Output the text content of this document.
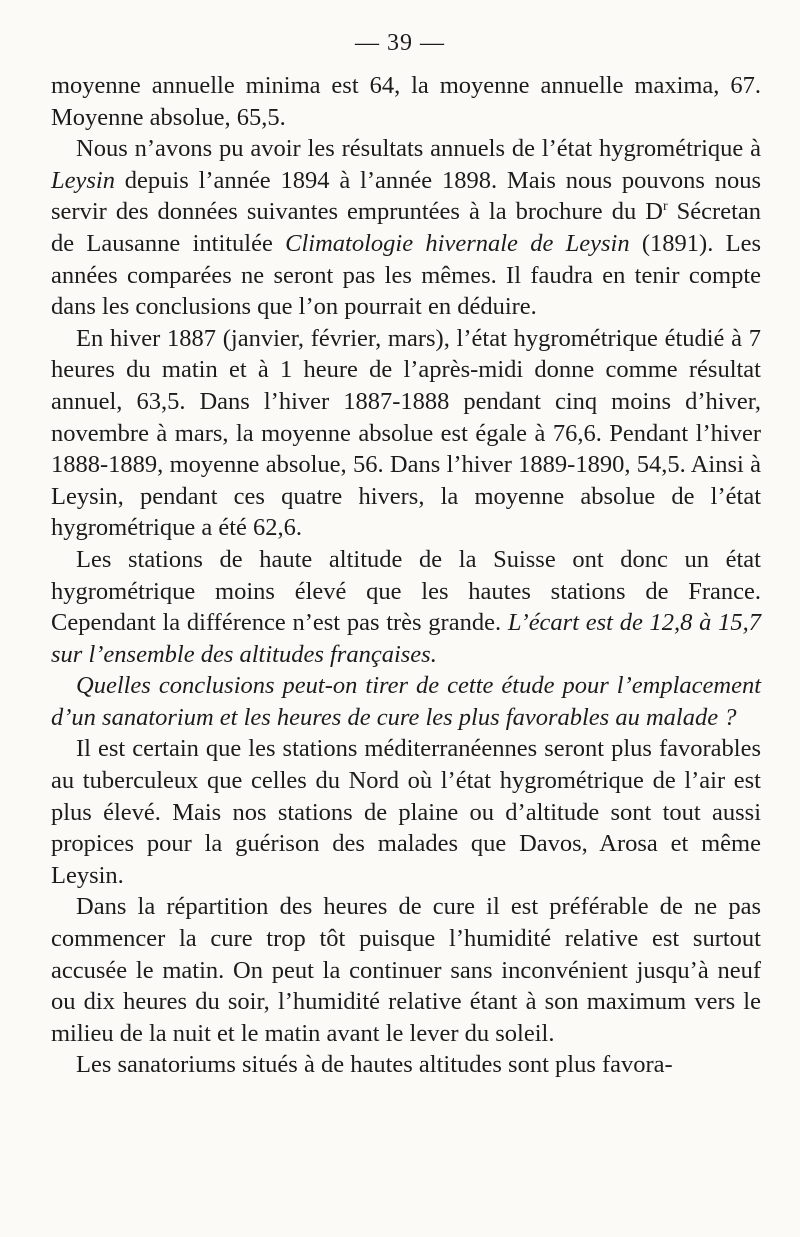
— 39 —

moyenne annuelle minima est 64, la moyenne annuelle maxima, 67. Moyenne absolue, 65,5.

Nous n’avons pu avoir les résultats annuels de l’état hygrométrique à Leysin depuis l’année 1894 à l’année 1898. Mais nous pouvons nous servir des données suivantes empruntées à la brochure du $D^r$ Sécretan de Lausanne intitulée Climatologie hivernale de Leysin (1891). Les années comparées ne seront pas les mêmes. Il faudra en tenir compte dans les conclusions que l’on pourrait en déduire.

En hiver 1887 (janvier, février, mars), l’état hygrométrique étudié à 7 heures du matin et à 1 heure de l’après-midi donne comme résultat annuel, 63,5. Dans l’hiver 1887-1888 pendant cinq moins d’hiver, novembre à mars, la moyenne absolue est égale à 76,6. Pendant l’hiver 1888-1889, moyenne absolue, 56. Dans l’hiver 1889-1890, 54,5. Ainsi à Leysin, pendant ces quatre hivers, la moyenne absolue de l’état hygrométrique a été 62,6.

Les stations de haute altitude de la Suisse ont donc un état hygrométrique moins élevé que les hautes stations de France. Cependant la différence n’est pas très grande. L’écart est de 12,8 à 15,7 sur l’ensemble des altitudes françaises.

Quelles conclusions peut-on tirer de cette étude pour l’emplacement d’un sanatorium et les heures de cure les plus favorables au malade ?

Il est certain que les stations méditerranéennes seront plus favorables au tuberculeux que celles du Nord où l’état hygrométrique de l’air est plus élevé. Mais nos stations de plaine ou d’altitude sont tout aussi propices pour la guérison des malades que Davos, Arosa et même Leysin.

Dans la répartition des heures de cure il est préférable de ne pas commencer la cure trop tôt puisque l’humidité relative est surtout accusée le matin. On peut la continuer sans inconvénient jusqu’à neuf ou dix heures du soir, l’humidité relative étant à son maximum vers le milieu de la nuit et le matin avant le lever du soleil.

Les sanatoriums situés à de hautes altitudes sont plus favora-
